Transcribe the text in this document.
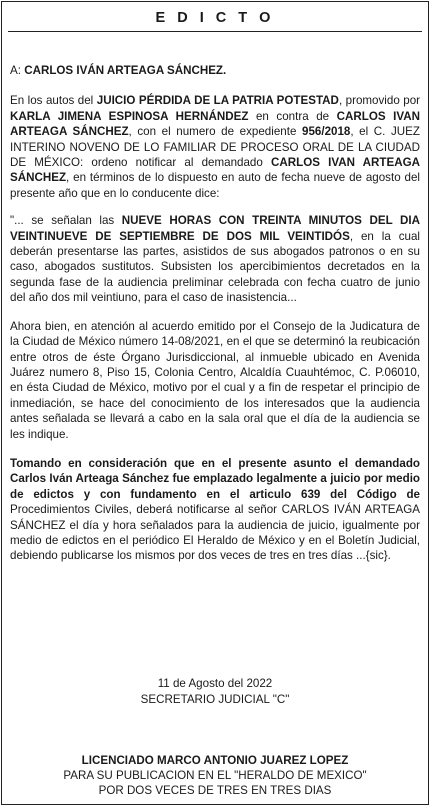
E D I C T O

A: CARLOS IVÁN ARTEAGA SÁNCHEZ.

En los autos del JUICIO PÉRDIDA DE LA PATRIA POTESTAD, promovido por KARLA JIMENA ESPINOSA HERNÁNDEZ en contra de CARLOS IVAN ARTEAGA SÁNCHEZ, con el numero de expediente 956/2018, el C. JUEZ INTERINO NOVENO DE LO FAMILIAR DE PROCESO ORAL DE LA CIUDAD DE MÉXICO: ordeno notificar al demandado CARLOS IVAN ARTEAGA SÁNCHEZ, en términos de lo dispuesto en auto de fecha nueve de agosto del presente año que en lo conducente dice:

"... se señalan las NUEVE HORAS CON TREINTA MINUTOS DEL DIA VEINTINUEVE DE SEPTIEMBRE DE DOS MIL VEINTIDÓS, en la cual deberán presentarse las partes, asistidos de sus abogados patronos o en su caso, abogados sustitutos. Subsisten los apercibimientos decretados en la segunda fase de la audiencia preliminar celebrada con fecha cuatro de junio del año dos mil veintiuno, para el caso de inasistencia...

Ahora bien, en atención al acuerdo emitido por el Consejo de la Judicatura de la Ciudad de México número 14-08/2021, en el que se determinó la reubicación entre otros de éste Órgano Jurisdiccional, al inmueble ubicado en Avenida Juárez numero 8, Piso 15, Colonia Centro, Alcaldía Cuauhtémoc, C. P.06010, en ésta Ciudad de México, motivo por el cual y a fin de respetar el principio de inmediación, se hace del conocimiento de los interesados que la audiencia antes señalada se llevará a cabo en la sala oral que el día de la audiencia se les indique.

Tomando en consideración que en el presente asunto el demandado Carlos Iván Arteaga Sánchez fue emplazado legalmente a juicio por medio de edictos y con fundamento en el articulo 639 del Código de Procedimientos Civiles, deberá notificarse al señor CARLOS IVÁN ARTEAGA SÁNCHEZ el día y hora señalados para la audiencia de juicio, igualmente por medio de edictos en el periódico El Heraldo de México y en el Boletín Judicial, debiendo publicarse los mismos por dos veces de tres en tres días ...{sic}.

11 de Agosto del 2022
SECRETARIO JUDICIAL "C"
LICENCIADO MARCO ANTONIO JUAREZ LOPEZ
PARA SU PUBLICACION EN EL "HERALDO DE MEXICO"
POR DOS VECES DE TRES EN TRES DIAS
